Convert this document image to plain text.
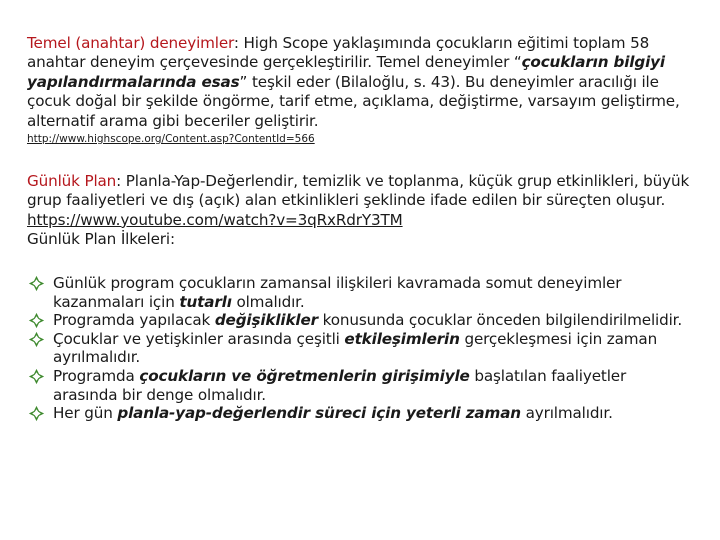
Temel (anahtar) deneyimler: High Scope yaklaşımında çocukların eğitimi toplam 58 anahtar deneyim çerçevesinde gerçekleştirilir. Temel deneyimler “çocukların bilgiyi yapılandırmalarında esas” teşkil eder (Bilaloğlu, s. 43). Bu deneyimler aracılığı ile çocuk doğal bir şekilde öngörme, tarif etme, açıklama, değiştirme, varsayım geliştirme, alternatif arama gibi beceriler geliştirir.
http://www.highscope.org/Content.asp?ContentId=566
Günlük Plan: Planla-Yap-Değerlendir, temizlik ve toplanma, küçük grup etkinlikleri, büyük grup faaliyetleri ve dış (açık) alan etkinlikleri şeklinde ifade edilen bir süreçten oluşur. https://www.youtube.com/watch?v=3qRxRdrY3TM
Günlük Plan İlkeleri:
Günlük program çocukların zamansal ilişkileri kavramada somut deneyimler kazanmaları için tutarlı olmalıdır.
Programda yapılacak değişiklikler konusunda çocuklar önceden bilgilendirilmelidir.
Çocuklar ve yetişkinler arasında çeşitli etkileşimlerin gerçekleşmesi için zaman ayrılmalıdır.
Programda çocukların ve öğretmenlerin girişimiyle başlatılan faaliyetler arasında bir denge olmalıdır.
Her gün planla-yap-değerlendir süreci için yeterli zaman ayrılmalıdır.
